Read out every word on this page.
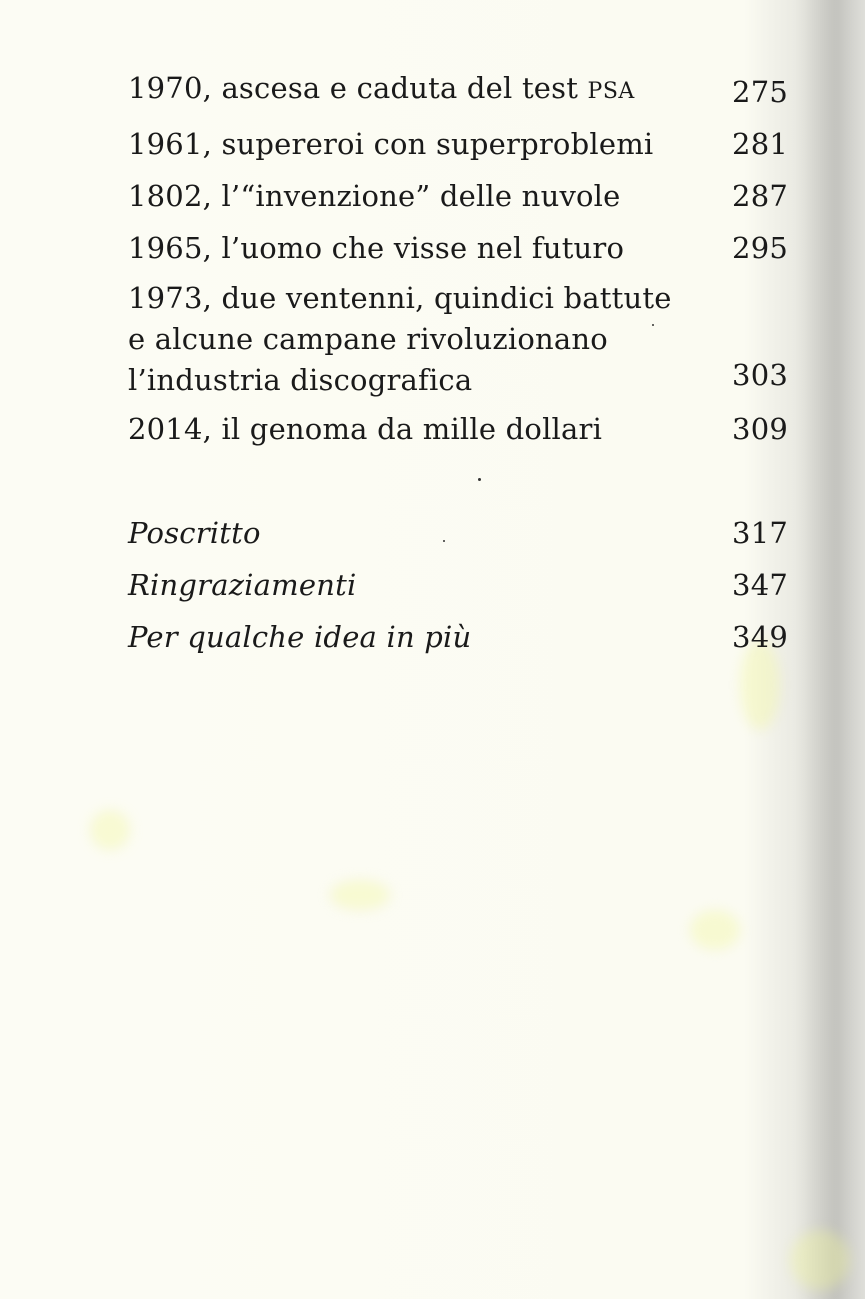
1970, ascesa e caduta del test PSA	275
1961, supereroi con superproblemi	281
1802, l’“invenzione” delle nuvole	287
1965, l’uomo che visse nel futuro	295
1973, due ventenni, quindici battute
e alcune campane rivoluzionano
l’industria discografica	303
2014, il genoma da mille dollari	309
Poscritto	317
Ringraziamenti	347
Per qualche idea in più	349
